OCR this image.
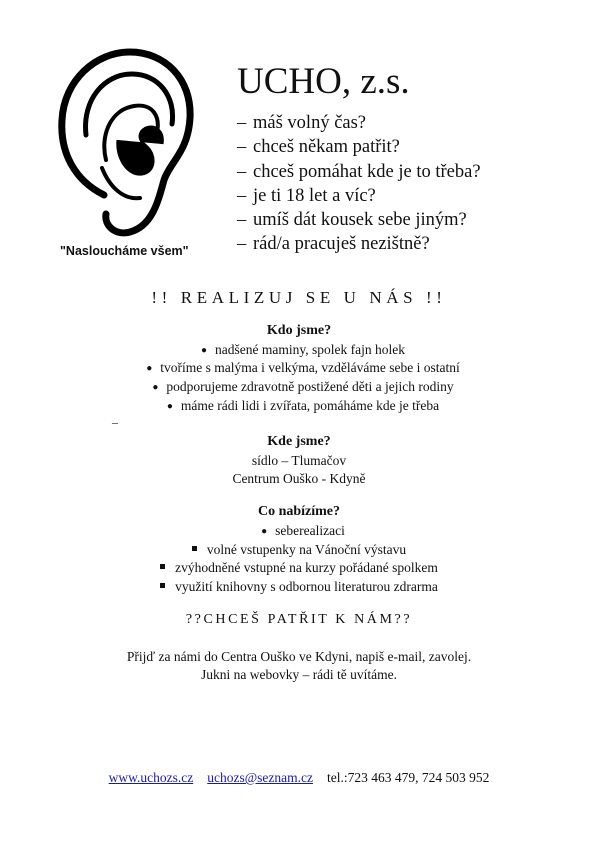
"Nasloucháme všem"
UCHO, z.s.
– máš volný čas?
– chceš někam patřit?
– chceš pomáhat kde je to třeba?
– je ti 18 let a víc?
– umíš dát kousek sebe jiným?
– rád/a pracuješ nezištně?
!! REALIZUJ SE U NÁS !!
Kdo jsme?
● nadšené maminy, spolek fajn holek
● tvoříme s malýma i velkýma, vzděláváme sebe i ostatní
● podporujeme zdravotně postižené děti a jejich rodiny
● máme rádi lidi i zvířata, pomáháme kde je třeba
–
Kde jsme?
sídlo – Tlumačov
Centrum Ouško - Kdyně
Co nabízíme?
● seberealizaci
volné vstupenky na Vánoční výstavu
zvýhodněné vstupné na kurzy pořádané spolkem
využití knihovny s odbornou literaturou zdrarma
??CHCEŠ PATŘIT K NÁM??
Přijď za námi do Centra Ouško ve Kdyni, napiš e-mail, zavolej.
Jukni na webovky – rádi tě uvítáme.
www.uchozs.cz uchozs@seznam.cz tel.:723 463 479, 724 503 952
